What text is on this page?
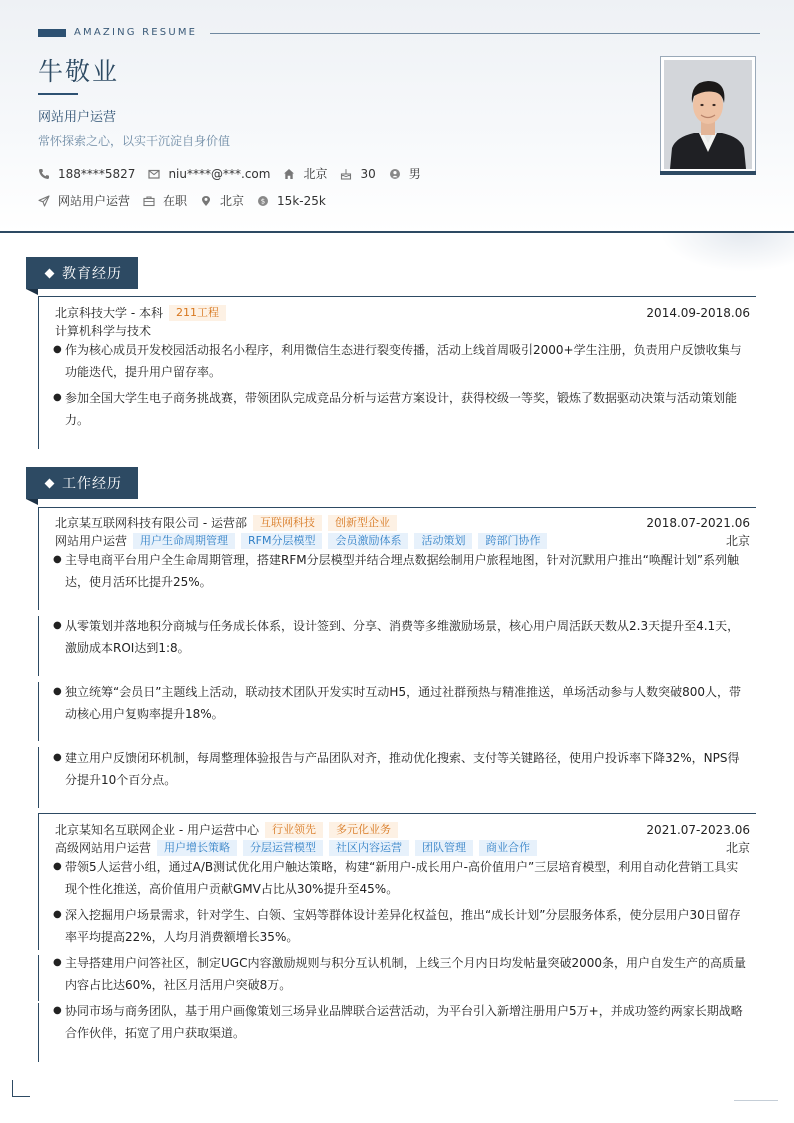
AMAZING RESUME
牛敬业
网站用户运营
常怀探索之心，以实干沉淀自身价值
188****5827	niu****@***.com	北京	30	男
网站用户运营	在职	北京 $ 15k-25k
教育经历
北京科技大学 - 本科	211工程	2014.09-2018.06
计算机科学与技术
● 作为核心成员开发校园活动报名小程序，利用微信生态进行裂变传播，活动上线首周吸引2000+学生注册，负责用户反馈收集与功能迭代，提升用户留存率。
● 参加全国大学生电子商务挑战赛，带领团队完成竞品分析与运营方案设计，获得校级一等奖，锻炼了数据驱动决策与活动策划能力。
工作经历
北京某互联网科技有限公司 - 运营部	互联网科技	创新型企业	2018.07-2021.06
网站用户运营	用户生命周期管理	RFM分层模型	会员激励体系	活动策划	跨部门协作	北京
● 主导电商平台用户全生命周期管理，搭建RFM分层模型并结合埋点数据绘制用户旅程地图，针对沉默用户推出“唤醒计划”系列触达，使月活环比提升25%。
● 从零策划并落地积分商城与任务成长体系，设计签到、分享、消费等多维激励场景，核心用户周活跃天数从2.3天提升至4.1天，激励成本ROI达到1:8。
● 独立统筹“会员日”主题线上活动，联动技术团队开发实时互动H5，通过社群预热与精准推送，单场活动参与人数突破800人，带动核心用户复购率提升18%。
● 建立用户反馈闭环机制，每周整理体验报告与产品团队对齐，推动优化搜索、支付等关键路径，使用户投诉率下降32%，NPS得分提升10个百分点。
北京某知名互联网企业 - 用户运营中心	行业领先	多元化业务	2021.07-2023.06
高级网站用户运营	用户增长策略	分层运营模型	社区内容运营	团队管理	商业合作	北京
● 带领5人运营小组，通过A/B测试优化用户触达策略，构建“新用户-成长用户-高价值用户”三层培育模型，利用自动化营销工具实现个性化推送，高价值用户贡献GMV占比从30%提升至45%。
● 深入挖掘用户场景需求，针对学生、白领、宝妈等群体设计差异化权益包，推出“成长计划”分层服务体系，使分层用户30日留存率平均提高22%，人均月消费额增长35%。
● 主导搭建用户问答社区，制定UGC内容激励规则与积分互认机制，上线三个月内日均发帖量突破2000条，用户自发生产的高质量内容占比达60%，社区月活用户突破8万。
● 协同市场与商务团队，基于用户画像策划三场异业品牌联合运营活动，为平台引入新增注册用户5万+，并成功签约两家长期战略合作伙伴，拓宽了用户获取渠道。
